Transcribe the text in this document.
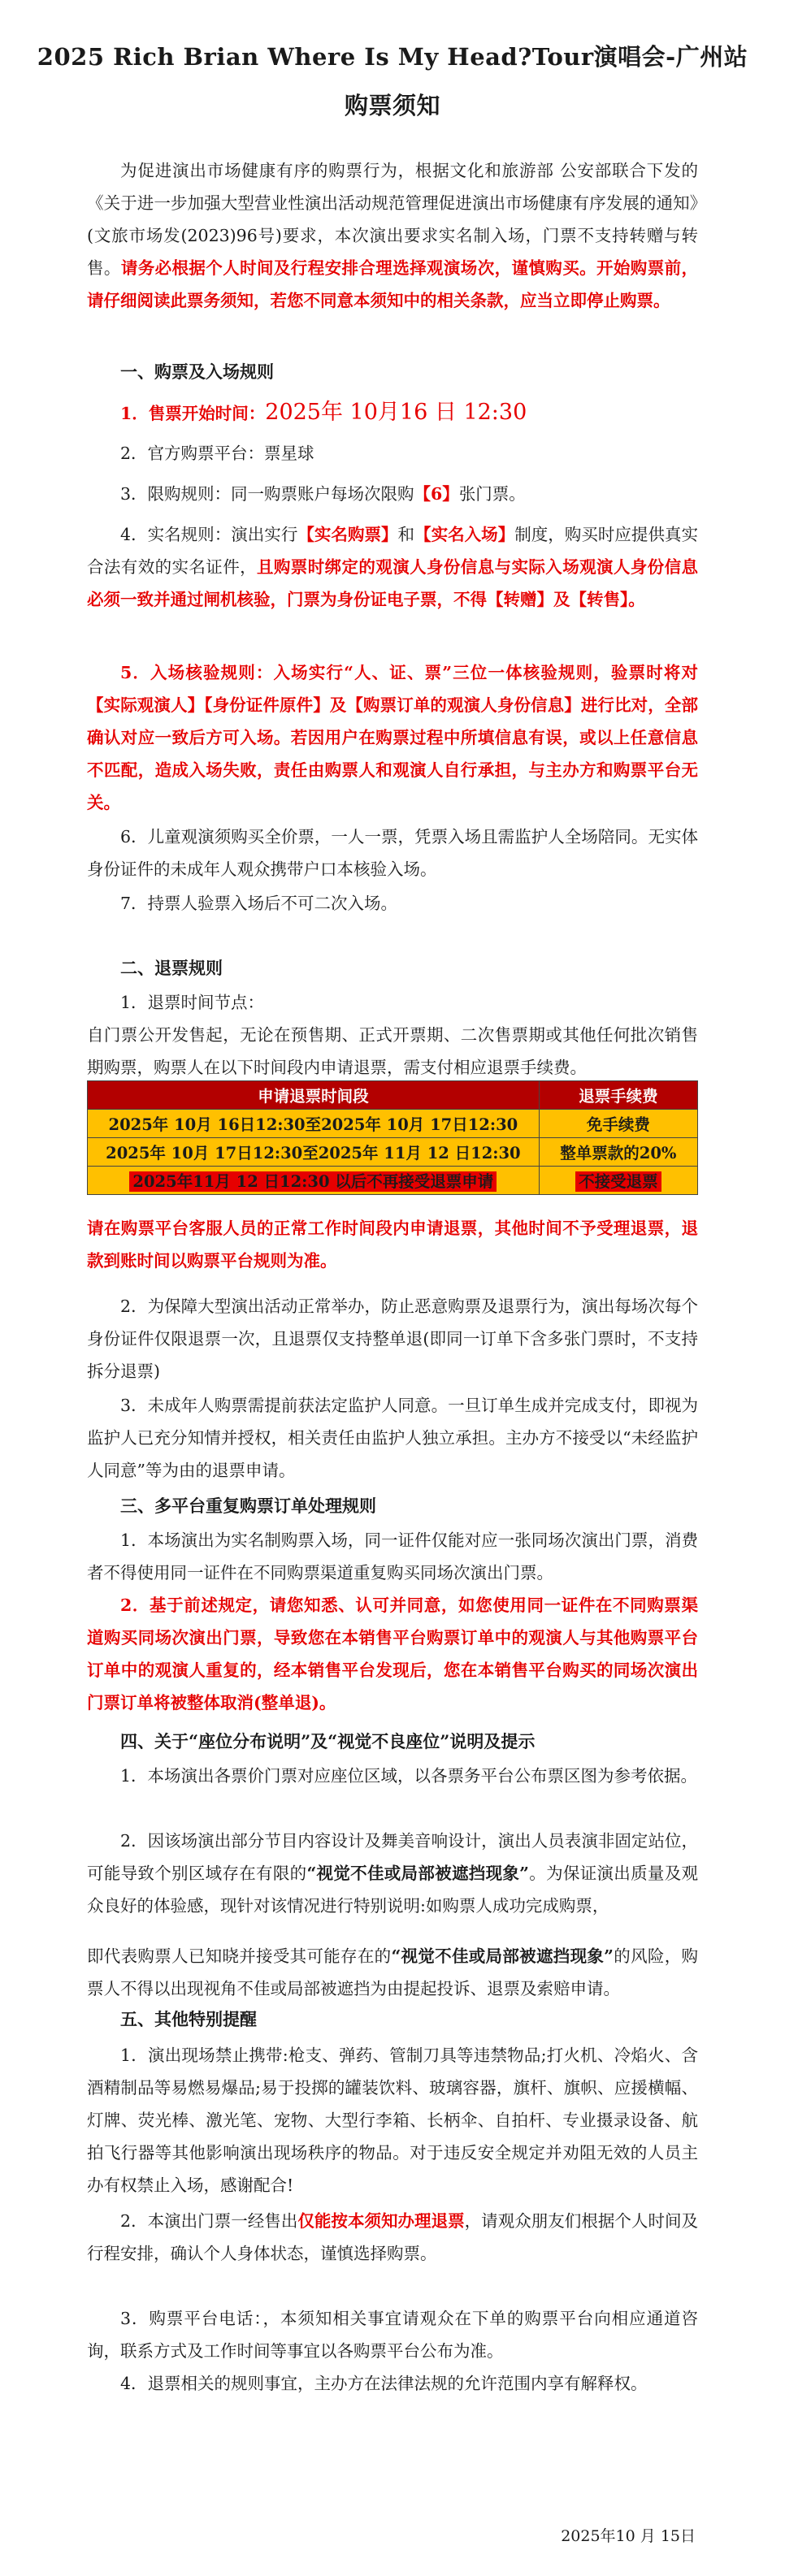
2025 Rich Brian Where Is My Head?Tour演唱会-广州站
购票须知
为促进演出市场健康有序的购票行为，根据文化和旅游部 公安部联合下发的《关于进一步加强大型营业性演出活动规范管理促进演出市场健康有序发展的通知》(文旅市场发(2023)96号)要求，本次演出要求实名制入场，门票不支持转赠与转售。请务必根据个人时间及行程安排合理选择观演场次，谨慎购买。开始购票前，请仔细阅读此票务须知，若您不同意本须知中的相关条款，应当立即停止购票。
一、购票及入场规则
1．售票开始时间：2025年 10月16 日 12:30
2．官方购票平台：票星球
3．限购规则：同一购票账户每场次限购【6】张门票。
4．实名规则：演出实行【实名购票】和【实名入场】制度，购买时应提供真实合法有效的实名证件，且购票时绑定的观演人身份信息与实际入场观演人身份信息必须一致并通过闸机核验，门票为身份证电子票，不得【转赠】及【转售】。
5．入场核验规则：入场实行“人、证、票”三位一体核验规则，验票时将对【实际观演人】【身份证件原件】及【购票订单的观演人身份信息】进行比对，全部确认对应一致后方可入场。若因用户在购票过程中所填信息有误，或以上任意信息不匹配，造成入场失败，责任由购票人和观演人自行承担，与主办方和购票平台无关。
6．儿童观演须购买全价票，一人一票，凭票入场且需监护人全场陪同。无实体身份证件的未成年人观众携带户口本核验入场。
7．持票人验票入场后不可二次入场。
二、退票规则
1．退票时间节点：
自门票公开发售起，无论在预售期、正式开票期、二次售票期或其他任何批次销售期购票，购票人在以下时间段内申请退票，需支付相应退票手续费。
申请退票时间段	退票手续费
2025年 10月 16日12:30至2025年 10月 17日12:30	免手续费
2025年 10月 17日12:30至2025年 11月 12 日12:30	整单票款的20%
2025年11月 12 日12:30 以后不再接受退票申请	不接受退票
请在购票平台客服人员的正常工作时间段内申请退票，其他时间不予受理退票，退款到账时间以购票平台规则为准。
2．为保障大型演出活动正常举办，防止恶意购票及退票行为，演出每场次每个身份证件仅限退票一次，且退票仅支持整单退(即同一订单下含多张门票时，不支持拆分退票)
3．未成年人购票需提前获法定监护人同意。一旦订单生成并完成支付，即视为监护人已充分知情并授权，相关责任由监护人独立承担。主办方不接受以“未经监护人同意”等为由的退票申请。
三、多平台重复购票订单处理规则
1．本场演出为实名制购票入场，同一证件仅能对应一张同场次演出门票，消费者不得使用同一证件在不同购票渠道重复购买同场次演出门票。
2．基于前述规定，请您知悉、认可并同意，如您使用同一证件在不同购票渠道购买同场次演出门票，导致您在本销售平台购票订单中的观演人与其他购票平台订单中的观演人重复的，经本销售平台发现后，您在本销售平台购买的同场次演出门票订单将被整体取消(整单退)。
四、关于“座位分布说明”及“视觉不良座位”说明及提示
1．本场演出各票价门票对应座位区域，以各票务平台公布票区图为参考依据。
2．因该场演出部分节目内容设计及舞美音响设计，演出人员表演非固定站位，可能导致个别区域存在有限的“视觉不佳或局部被遮挡现象”。为保证演出质量及观众良好的体验感，现针对该情况进行特别说明:如购票人成功完成购票，
即代表购票人已知晓并接受其可能存在的“视觉不佳或局部被遮挡现象”的风险，购票人不得以出现视角不佳或局部被遮挡为由提起投诉、退票及索赔申请。
五、其他特别提醒
1．演出现场禁止携带:枪支、弹药、管制刀具等违禁物品;打火机、冷焰火、含酒精制品等易燃易爆品;易于投掷的罐装饮料、玻璃容器，旗杆、旗帜、应援横幅、灯牌、荧光棒、激光笔、宠物、大型行李箱、长柄伞、自拍杆、专业摄录设备、航拍飞行器等其他影响演出现场秩序的物品。对于违反安全规定并劝阻无效的人员主办有权禁止入场，感谢配合!
2．本演出门票一经售出仅能按本须知办理退票，请观众朋友们根据个人时间及行程安排，确认个人身体状态，谨慎选择购票。
3．购票平台电话：，本须知相关事宜请观众在下单的购票平台向相应通道咨询，联系方式及工作时间等事宜以各购票平台公布为准。
4．退票相关的规则事宜，主办方在法律法规的允许范围内享有解释权。
2025年10 月 15日
